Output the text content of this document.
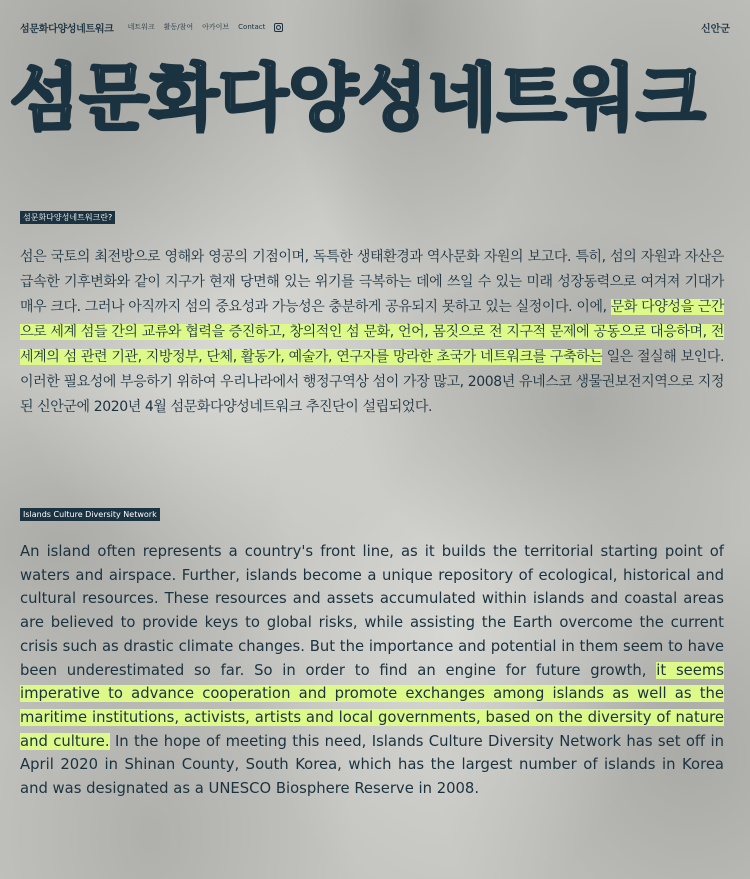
섬문화다양성네트워크 네트워크 활동/참여 아카이브 Contact	신안군
섬문화다양성네트워크
섬문화다양성네트워크란?

섬은 국토의 최전방으로 영해와 영공의 기점이며, 독특한 생태환경과 역사문화 자원의 보고다. 특히, 섬의 자원과 자산은 급속한 기후변화와 같이 지구가 현재 당면해 있는 위기를 극복하는 데에 쓰일 수 있는 미래 성장동력으로 여겨져 기대가 매우 크다. 그러나 아직까지 섬의 중요성과 가능성은 충분하게 공유되지 못하고 있는 실정이다. 이에, 문화 다양성을 근간으로 세계 섬들 간의 교류와 협력을 증진하고, 창의적인 섬 문화, 언어, 몸짓으로 전 지구적 문제에 공동으로 대응하며, 전 세계의 섬 관련 기관, 지방정부, 단체, 활동가, 예술가, 연구자를 망라한 초국가 네트워크를 구축하는 일은 절실해 보인다. 이러한 필요성에 부응하기 위하여 우리나라에서 행정구역상 섬이 가장 많고, 2008년 유네스코 생물권보전지역으로 지정된 신안군에 2020년 4월 섬문화다양성네트워크 추진단이 설립되었다.

Islands Culture Diversity Network

An island often represents a country's front line, as it builds the territorial starting point of waters and airspace. Further, islands become a unique repository of ecological, historical and cultural resources. These resources and assets accumulated within islands and coastal areas are believed to provide keys to global risks, while assisting the Earth overcome the current crisis such as drastic climate changes. But the importance and potential in them seem to have been underestimated so far. So in order to find an engine for future growth, it seems imperative to advance cooperation and promote exchanges among islands as well as the maritime institutions, activists, artists and local governments, based on the diversity of nature and culture. In the hope of meeting this need, Islands Culture Diversity Network has set off in April 2020 in Shinan County, South Korea, which has the largest number of islands in Korea and was designated as a UNESCO Biosphere Reserve in 2008.
